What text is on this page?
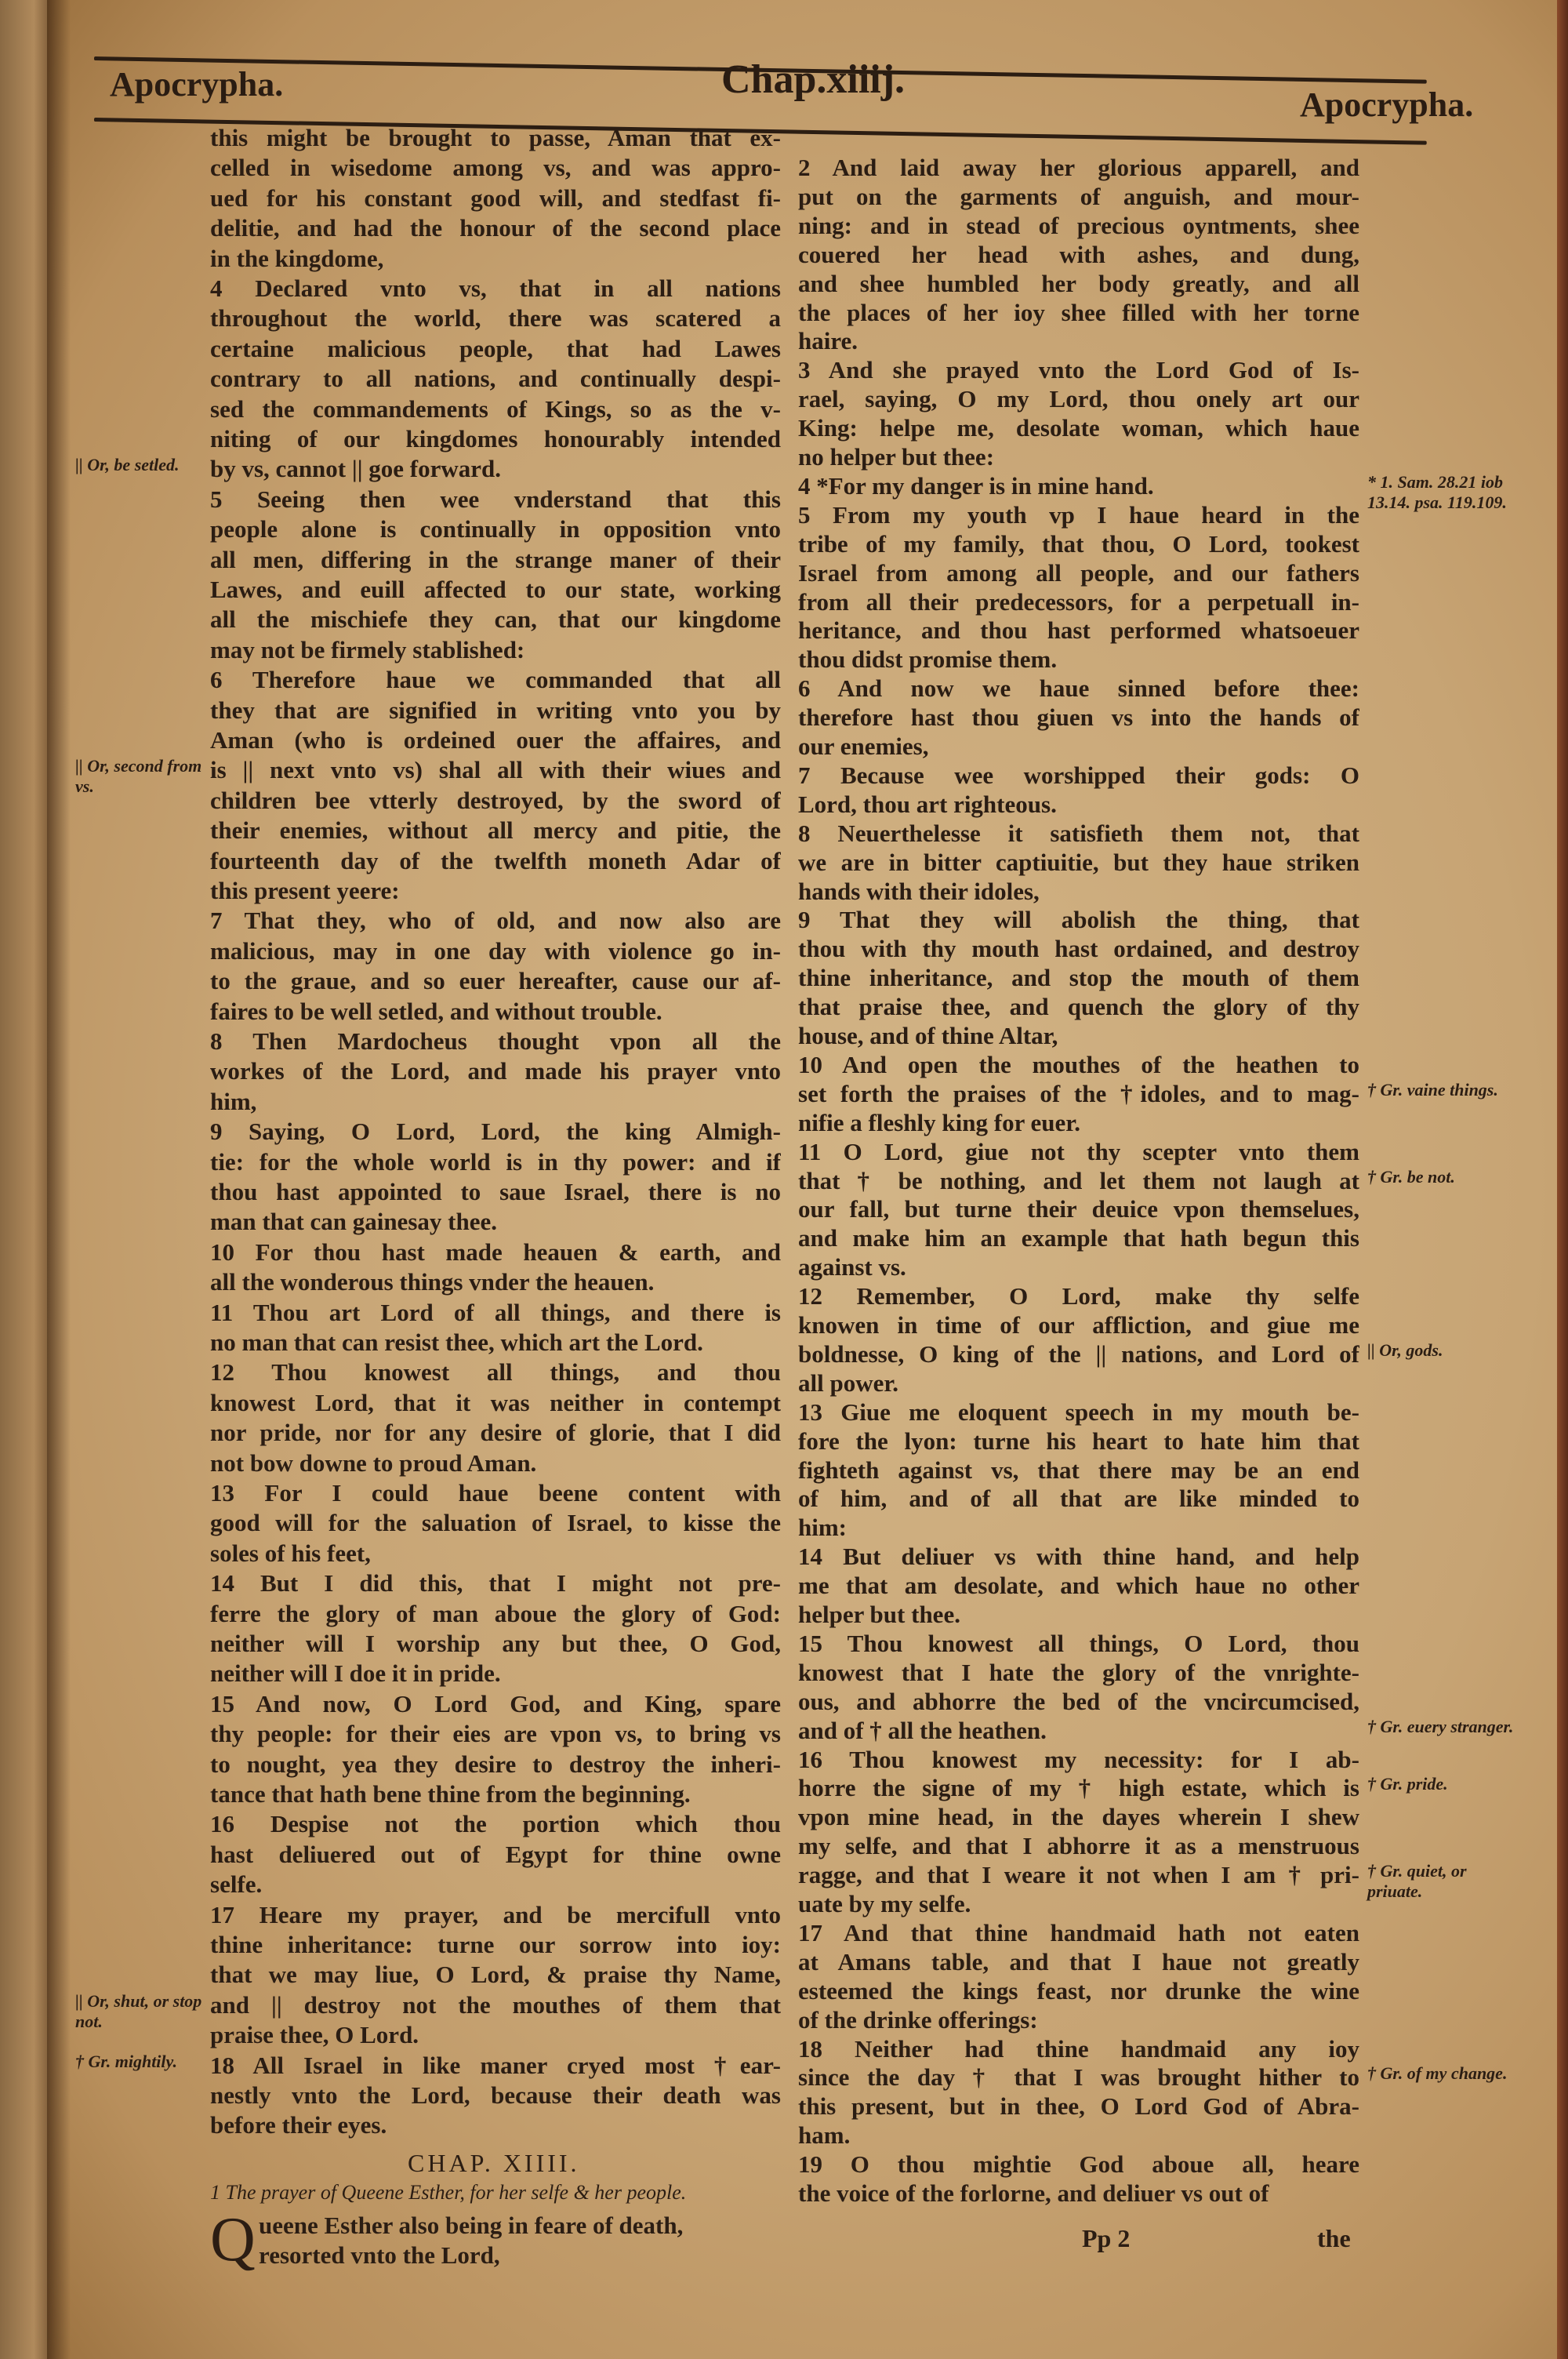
Apocrypha.	Chap.xiiij.
Apocrypha.
this might be brought to passe, Aman that ex-
celled in wisedome among vs, and was appro-
ued for his constant good will, and stedfast fi-
delitie, and had the honour of the second place
in the kingdome,
4 Declared vnto vs, that in all nations
throughout the world, there was scatered a
certaine malicious people, that had Lawes
contrary to all nations, and continually despi-
sed the commandements of Kings, so as the v-
niting of our kingdomes honourably intended
by vs, cannot || goe forward.
5 Seeing then wee vnderstand that this
people alone is continually in opposition vnto
all men, differing in the strange maner of their
Lawes, and euill affected to our state, working
all the mischiefe they can, that our kingdome
may not be firmely stablished:
6 Therefore haue we commanded that all
they that are signified in writing vnto you by
Aman (who is ordeined ouer the affaires, and
is || next vnto vs) shal all with their wiues and
children bee vtterly destroyed, by the sword of
their enemies, without all mercy and pitie, the
fourteenth day of the twelfth moneth Adar of
this present yeere:
7 That they, who of old, and now also are
malicious, may in one day with violence go in-
to the graue, and so euer hereafter, cause our af-
faires to be well setled, and without trouble.
8 Then Mardocheus thought vpon all the
workes of the Lord, and made his prayer vnto
him,
9 Saying, O Lord, Lord, the king Almigh-
tie: for the whole world is in thy power: and if
thou hast appointed to saue Israel, there is no
man that can gainesay thee.
10 For thou hast made heauen & earth, and
all the wonderous things vnder the heauen.
11 Thou art Lord of all things, and there is
no man that can resist thee, which art the Lord.
12 Thou knowest all things, and thou
knowest Lord, that it was neither in contempt
nor pride, nor for any desire of glorie, that I did
not bow downe to proud Aman.
13 For I could haue beene content with
good will for the saluation of Israel, to kisse the
soles of his feet,
14 But I did this, that I might not pre-
ferre the glory of man aboue the glory of God:
neither will I worship any but thee, O God,
neither will I doe it in pride.
15 And now, O Lord God, and King, spare
thy people: for their eies are vpon vs, to bring vs
to nought, yea they desire to destroy the inheri-
tance that hath bene thine from the beginning.
16 Despise not the portion which thou
hast deliuered out of Egypt for thine owne
selfe.
17 Heare my prayer, and be mercifull vnto
thine inheritance: turne our sorrow into ioy:
that we may liue, O Lord, & praise thy Name,
and || destroy not the mouthes of them that
praise thee, O Lord.
18 All Israel in like maner cryed most †ear-
nestly vnto the Lord, because their death was
before their eyes.
2 And laid away her glorious apparell, and
put on the garments of anguish, and mour-
ning: and in stead of precious oyntments, shee
couered her head with ashes, and dung,
and shee humbled her body greatly, and all
the places of her ioy shee filled with her torne
haire.
3 And she prayed vnto the Lord God of Is-
rael, saying, O my Lord, thou onely art our
King: helpe me, desolate woman, which haue
no helper but thee:
4 *For my danger is in mine hand.
5 From my youth vp I haue heard in the
tribe of my family, that thou, O Lord, tookest
Israel from among all people, and our fathers
from all their predecessors, for a perpetuall in-
heritance, and thou hast performed whatsoeuer
thou didst promise them.
6 And now we haue sinned before thee:
therefore hast thou giuen vs into the hands of
our enemies,
7 Because wee worshipped their gods: O
Lord, thou art righteous.
8 Neuerthelesse it satisfieth them not, that
we are in bitter captiuitie, but they haue striken
hands with their idoles,
9 That they will abolish the thing, that
thou with thy mouth hast ordained, and destroy
thine inheritance, and stop the mouth of them
that praise thee, and quench the glory of thy
house, and of thine Altar,
10 And open the mouthes of the heathen to
set forth the praises of the †idoles, and to mag-
nifie a fleshly king for euer.
11 O Lord, giue not thy scepter vnto them
that † be nothing, and let them not laugh at
our fall, but turne their deuice vpon themselues,
and make him an example that hath begun this
against vs.
12 Remember, O Lord, make thy selfe
knowen in time of our affliction, and giue me
boldnesse, O king of the || nations, and Lord of
all power.
13 Giue me eloquent speech in my mouth be-
fore the lyon: turne his heart to hate him that
fighteth against vs, that there may be an end
of him, and of all that are like minded to
him:
14 But deliuer vs with thine hand, and help
me that am desolate, and which haue no other
helper but thee.
15 Thou knowest all things, O Lord, thou
knowest that I hate the glory of the vnrighte-
ous, and abhorre the bed of the vncircumcised,
and of † all the heathen.
16 Thou knowest my necessity: for I ab-
horre the signe of my † high estate, which is
vpon mine head, in the dayes wherein I shew
my selfe, and that I abhorre it as a menstruous
ragge, and that I weare it not when I am † pri-
uate by my selfe.
17 And that thine handmaid hath not eaten
at Amans table, and that I haue not greatly
esteemed the kings feast, nor drunke the wine
of the drinke offerings:
18 Neither had thine handmaid any ioy
since the day † that I was brought hither to
this present, but in thee, O Lord God of Abra-
ham.
19 O thou mightie God aboue all, heare
the voice of the forlorne, and deliuer vs out of
CHAP. XIIII.
1 The prayer of Queene Esther, for her selfe & her people.
Q ueene Esther also being in feare of death,
resorted vnto the Lord,
Pp 2	the
|| Or, be setled.
|| Or, second from vs.
|| Or, shut, or stop not.
† Gr. mightily.
* 1. Sam. 28.21 iob 13.14. psa. 119.109.
† Gr. vaine things.
† Gr. be not.
|| Or, gods.
† Gr. euery stranger.
† Gr. pride.
† Gr. quiet, or priuate.
† Gr. of my change.
